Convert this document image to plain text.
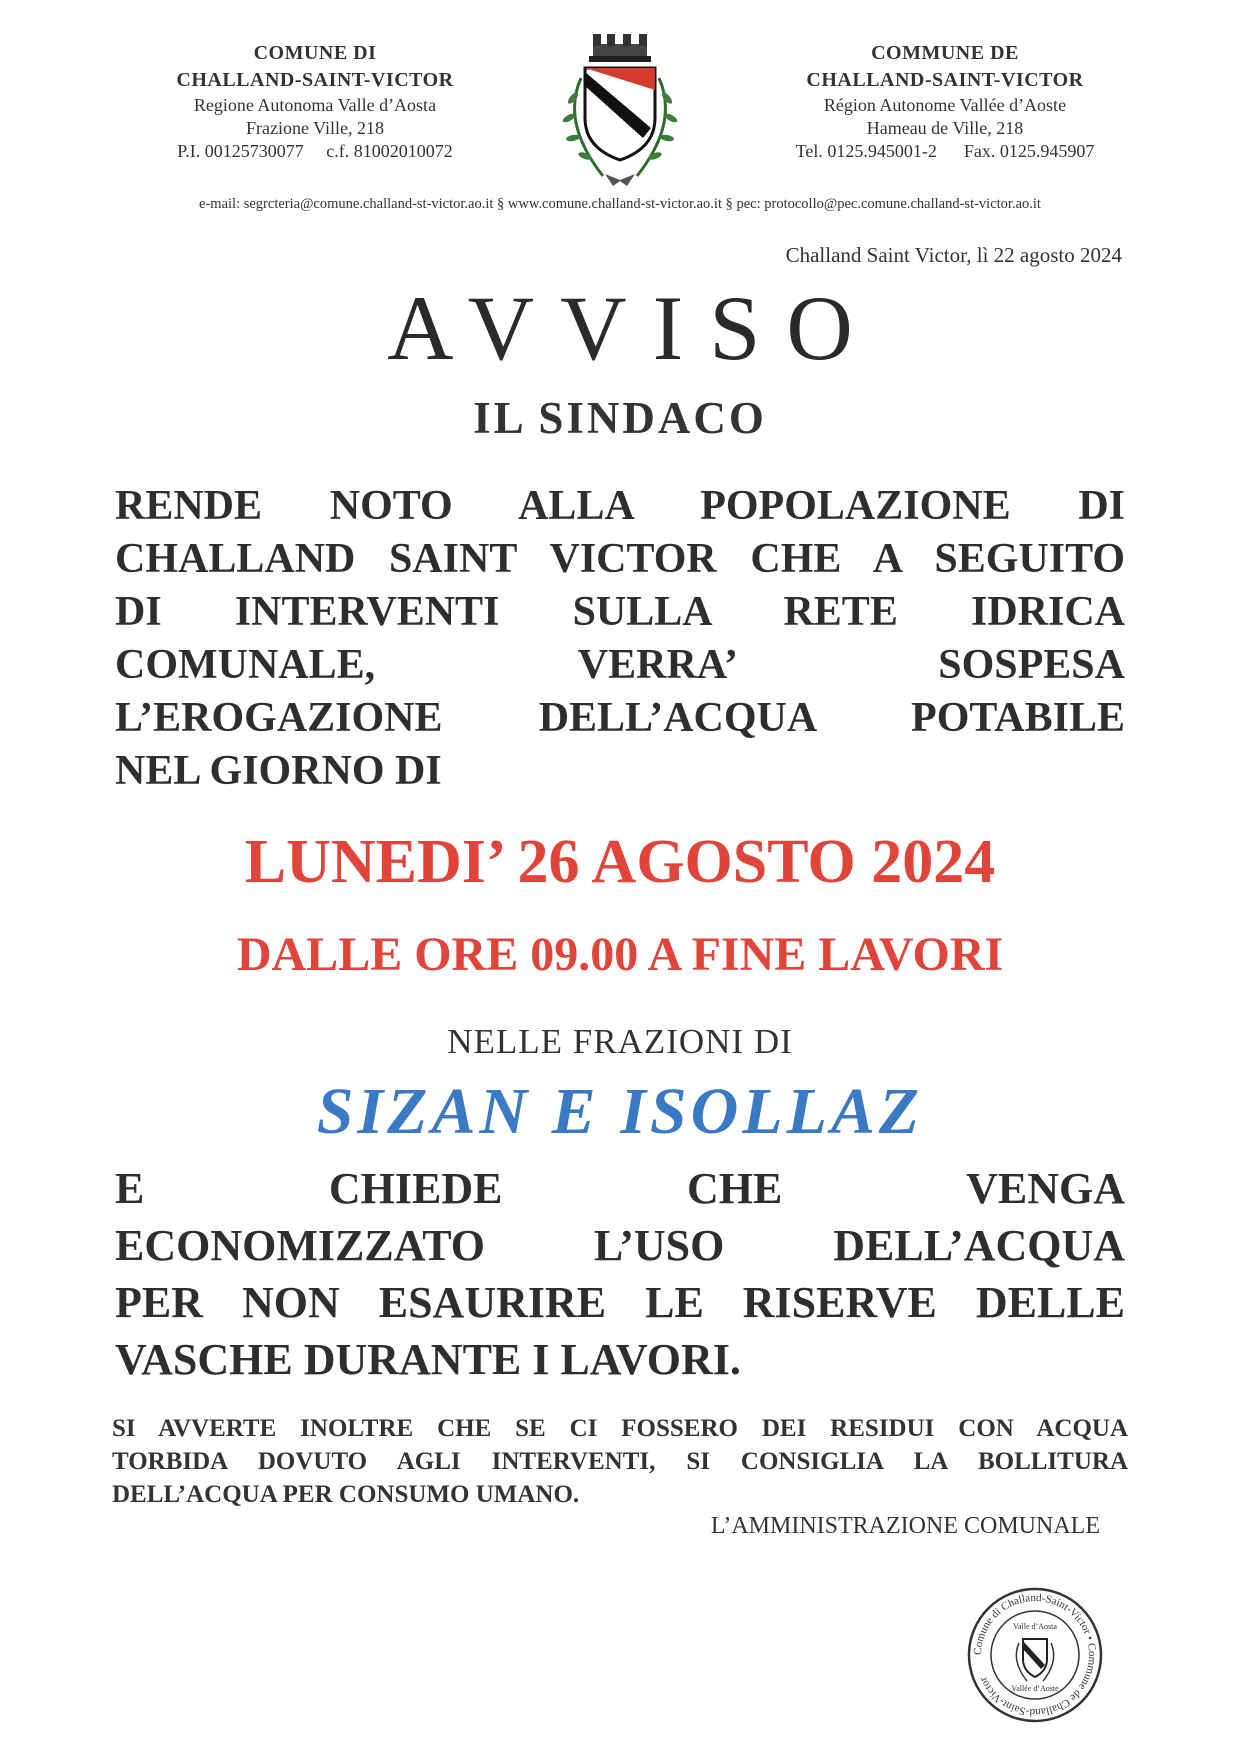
COMUNE DI
CHALLAND-SAINT-VICTOR
Regione Autonoma Valle d’Aosta
Frazione Ville, 218
P.I. 00125730077 c.f. 81002010072
COMMUNE DE
CHALLAND-SAINT-VICTOR
Région Autonome Vallée d’Aoste
Hameau de Ville, 218
Tel. 0125.945001-2 Fax. 0125.945907
e-mail: segrcteria@comune.challand-st-victor.ao.it § www.comune.challand-st-victor.ao.it § pec: protocollo@pec.comune.challand-st-victor.ao.it
Challand Saint Victor, lì 22 agosto 2024
AVVISO
IL SINDACO
RENDE NOTO ALLA POPOLAZIONE DI
CHALLAND SAINT VICTOR CHE A SEGUITO
DI INTERVENTI SULLA RETE IDRICA
COMUNALE, VERRA’ SOSPESA
L’EROGAZIONE DELL’ACQUA POTABILE
NEL GIORNO DI
LUNEDI’ 26 AGOSTO 2024
DALLE ORE 09.00 A FINE LAVORI
NELLE FRAZIONI DI
SIZAN E ISOLLAZ
E CHIEDE CHE VENGA
ECONOMIZZATO L’USO DELL’ACQUA
PER NON ESAURIRE LE RISERVE DELLE
VASCHE DURANTE I LAVORI.
SI AVVERTE INOLTRE CHE SE CI FOSSERO DEI RESIDUI CON ACQUA
TORBIDA DOVUTO AGLI INTERVENTI, SI CONSIGLIA LA BOLLITURA
DELL’ACQUA PER CONSUMO UMANO.
L’AMMINISTRAZIONE COMUNALE
Comune di Challand-Saint-Victor • Commune de Challand-Saint-Victor
Valle d’Aosta
Vallée d’Aoste
